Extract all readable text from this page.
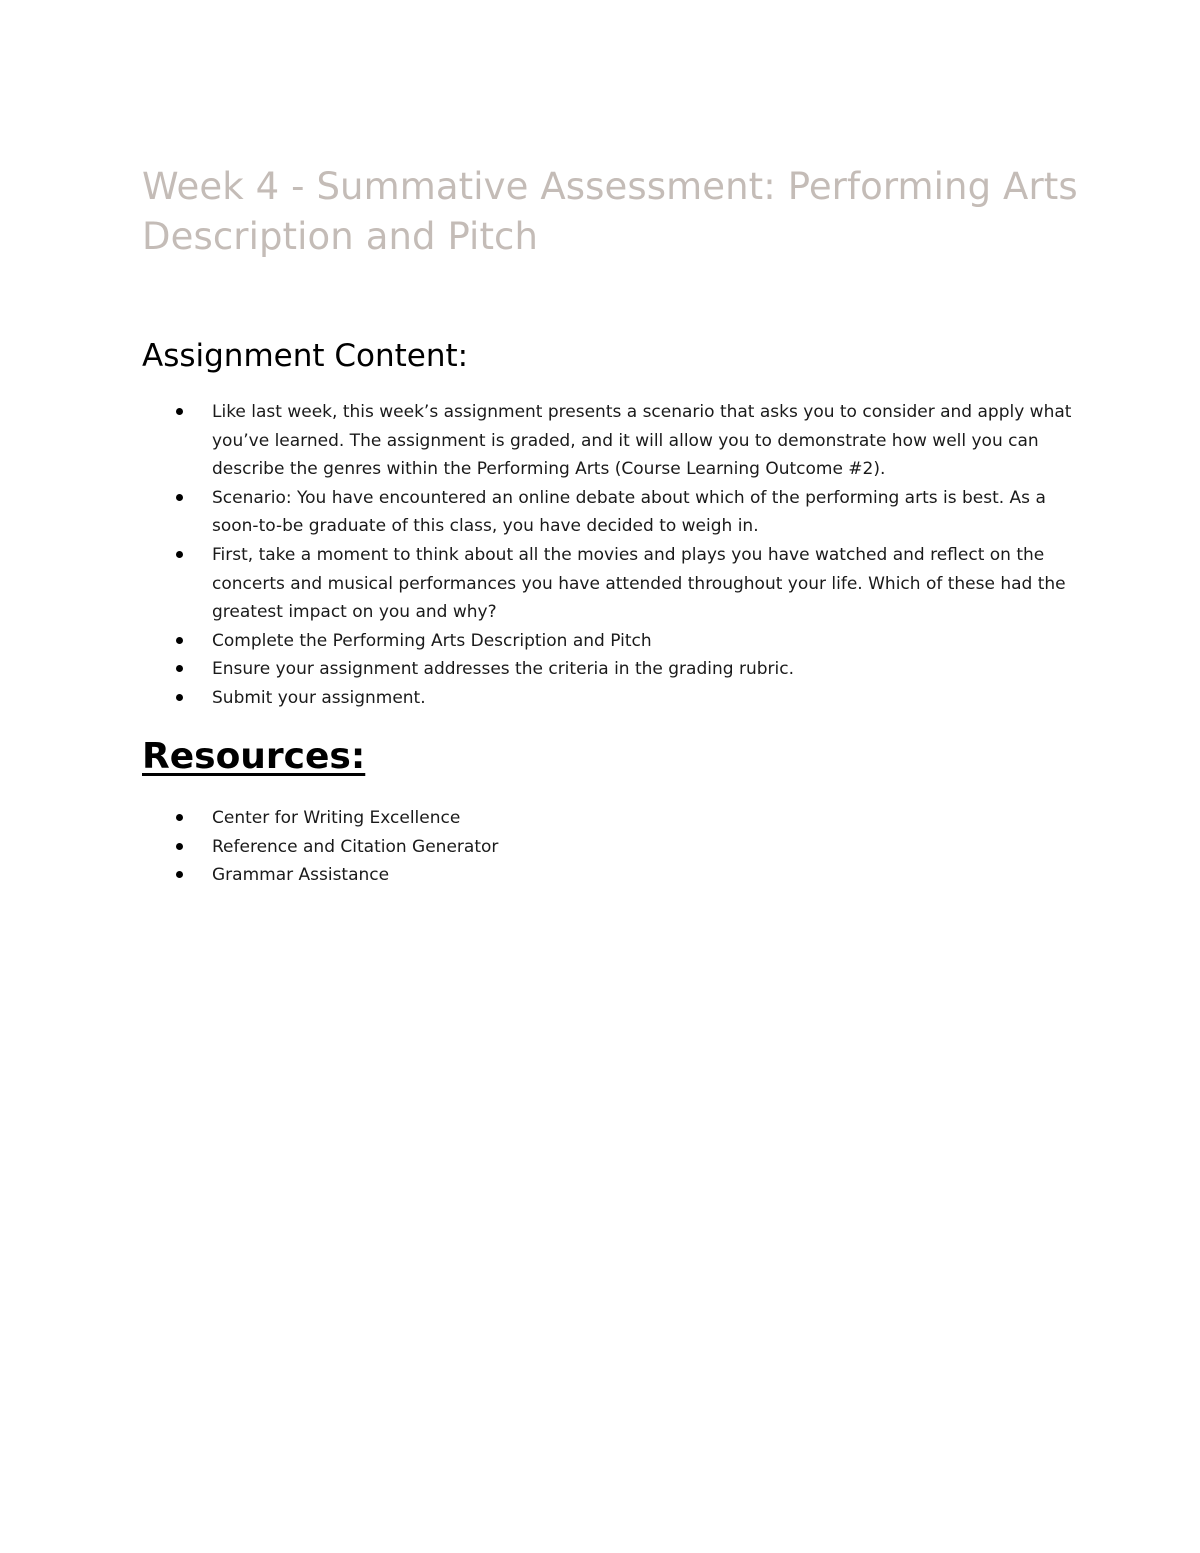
Week 4 - Summative Assessment: Performing Arts Description and Pitch
Assignment Content:
Like last week, this week’s assignment presents a scenario that asks you to consider and apply what you’ve learned. The assignment is graded, and it will allow you to demonstrate how well you can describe the genres within the Performing Arts (Course Learning Outcome #2).
Scenario: You have encountered an online debate about which of the performing arts is best. As a soon-to-be graduate of this class, you have decided to weigh in.
First, take a moment to think about all the movies and plays you have watched and reflect on the concerts and musical performances you have attended throughout your life. Which of these had the greatest impact on you and why?
Complete the Performing Arts Description and Pitch
Ensure your assignment addresses the criteria in the grading rubric.
Submit your assignment.
Resources:
Center for Writing Excellence
Reference and Citation Generator
Grammar Assistance
